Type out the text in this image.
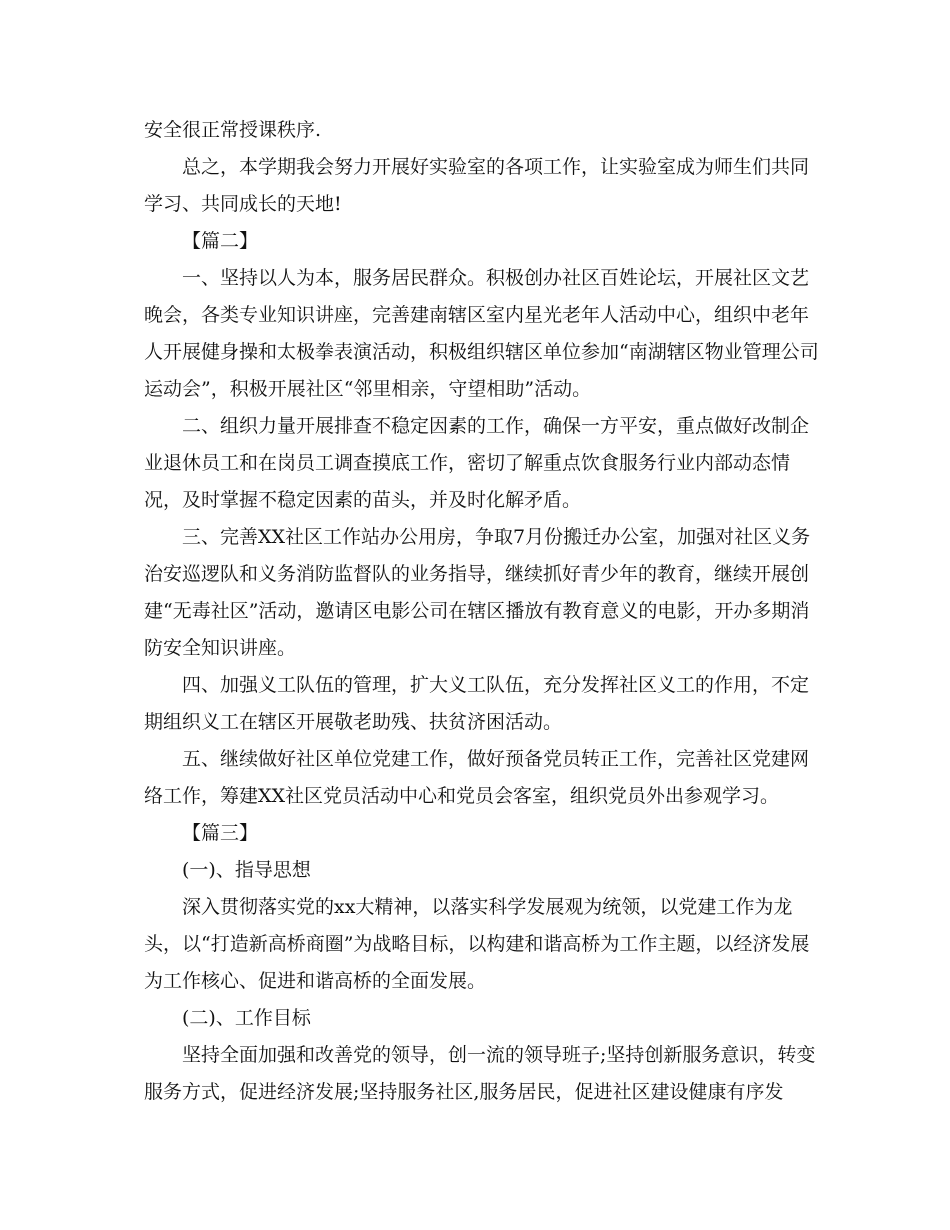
安全很正常授课秩序.
总之，本学期我会努力开展好实验室的各项工作，让实验室成为师生们共同
学习、共同成长的天地!
【篇二】
一、坚持以人为本，服务居民群众。积极创办社区百姓论坛，开展社区文艺
晚会，各类专业知识讲座，完善建南辖区室内星光老年人活动中心，组织中老年
人开展健身操和太极拳表演活动，积极组织辖区单位参加“南湖辖区物业管理公司
运动会”，积极开展社区“邻里相亲，守望相助”活动。
二、组织力量开展排查不稳定因素的工作，确保一方平安，重点做好改制企
业退休员工和在岗员工调查摸底工作，密切了解重点饮食服务行业内部动态情
况，及时掌握不稳定因素的苗头，并及时化解矛盾。
三、完善XX社区工作站办公用房，争取7月份搬迁办公室，加强对社区义务
治安巡逻队和义务消防监督队的业务指导，继续抓好青少年的教育，继续开展创
建“无毒社区”活动，邀请区电影公司在辖区播放有教育意义的电影，开办多期消
防安全知识讲座。
四、加强义工队伍的管理，扩大义工队伍，充分发挥社区义工的作用，不定
期组织义工在辖区开展敬老助残、扶贫济困活动。
五、继续做好社区单位党建工作，做好预备党员转正工作，完善社区党建网
络工作，筹建XX社区党员活动中心和党员会客室，组织党员外出参观学习。
【篇三】
(一)、指导思想
深入贯彻落实党的xx大精神，以落实科学发展观为统领，以党建工作为龙
头，以“打造新高桥商圈”为战略目标，以构建和谐高桥为工作主题，以经济发展
为工作核心、促进和谐高桥的全面发展。
(二)、工作目标
坚持全面加强和改善党的领导，创一流的领导班子;坚持创新服务意识，转变
服务方式，促进经济发展;坚持服务社区,服务居民，促进社区建设健康有序发
